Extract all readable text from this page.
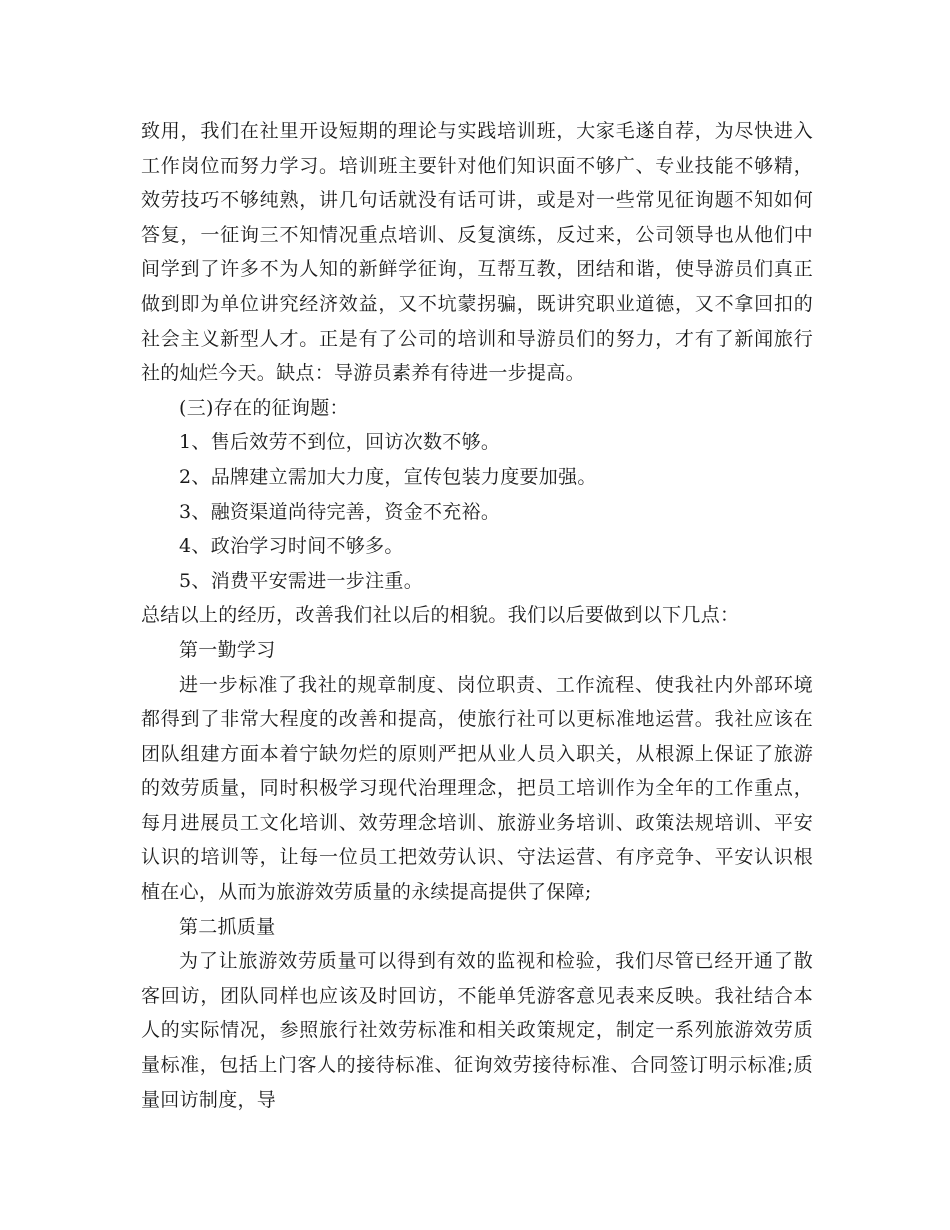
致用，我们在社里开设短期的理论与实践培训班，大家毛遂自荐，为尽快进入工作岗位而努力学习。培训班主要针对他们知识面不够广、专业技能不够精，效劳技巧不够纯熟，讲几句话就没有话可讲，或是对一些常见征询题不知如何答复，一征询三不知情况重点培训、反复演练，反过来，公司领导也从他们中间学到了许多不为人知的新鲜学征询，互帮互教，团结和谐，使导游员们真正做到即为单位讲究经济效益，又不坑蒙拐骗，既讲究职业道德，又不拿回扣的社会主义新型人才。正是有了公司的培训和导游员们的努力，才有了新闻旅行社的灿烂今天。缺点：导游员素养有待进一步提高。

(三)存在的征询题：

1、售后效劳不到位，回访次数不够。

2、品牌建立需加大力度，宣传包装力度要加强。

3、融资渠道尚待完善，资金不充裕。

4、政治学习时间不够多。

5、消费平安需进一步注重。

总结以上的经历，改善我们社以后的相貌。我们以后要做到以下几点：

第一勤学习

进一步标准了我社的规章制度、岗位职责、工作流程、使我社内外部环境都得到了非常大程度的改善和提高，使旅行社可以更标准地运营。我社应该在团队组建方面本着宁缺勿烂的原则严把从业人员入职关，从根源上保证了旅游的效劳质量，同时积极学习现代治理理念，把员工培训作为全年的工作重点，每月进展员工文化培训、效劳理念培训、旅游业务培训、政策法规培训、平安认识的培训等，让每一位员工把效劳认识、守法运营、有序竞争、平安认识根植在心，从而为旅游效劳质量的永续提高提供了保障;

第二抓质量

为了让旅游效劳质量可以得到有效的监视和检验，我们尽管已经开通了散客回访，团队同样也应该及时回访，不能单凭游客意见表来反映。我社结合本人的实际情况，参照旅行社效劳标准和相关政策规定，制定一系列旅游效劳质量标准，包括上门客人的接待标准、征询效劳接待标准、合同签订明示标准;质量回访制度，导
